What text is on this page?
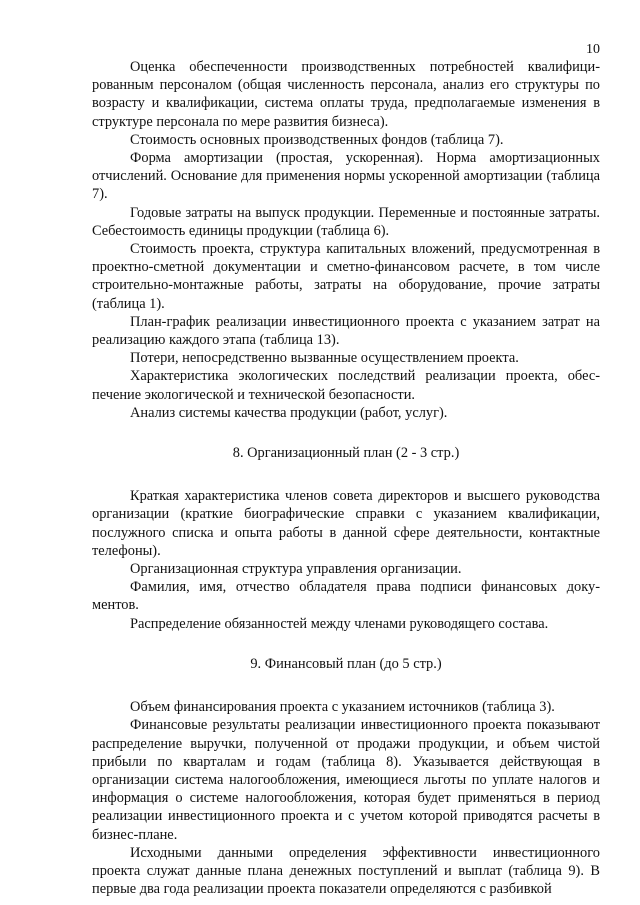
10

Оценка обеспеченности производственных потребностей квалифицированным персоналом (общая численность персонала, анализ его структуры по возрасту и квалификации, система оплаты труда, предполагаемые изменения в структуре персонала по мере развития бизнеса).

Стоимость основных производственных фондов (таблица 7).

Форма амортизации (простая, ускоренная). Норма амортизационных отчислений. Основание для применения нормы ускоренной амортизации (таблица 7).

Годовые затраты на выпуск продукции. Переменные и постоянные затраты. Себестоимость единицы продукции (таблица 6).

Стоимость проекта, структура капитальных вложений, предусмотренная в проектно-сметной документации и сметно-финансовом расчете, в том числе строительно-монтажные работы, затраты на оборудование, прочие затраты (таблица 1).

План-график реализации инвестиционного проекта с указанием затрат на реализацию каждого этапа (таблица 13).

Потери, непосредственно вызванные осуществлением проекта.

Характеристика экологических последствий реализации проекта, обеспечение экологической и технической безопасности.

Анализ системы качества продукции (работ, услуг).

8. Организационный план (2 - 3 стр.)

Краткая характеристика членов совета директоров и высшего руководства организации (краткие биографические справки с указанием квалификации, послужного списка и опыта работы в данной сфере деятельности, контактные телефоны).

Организационная структура управления организации.

Фамилия, имя, отчество обладателя права подписи финансовых документов.

Распределение обязанностей между членами руководящего состава.

9. Финансовый план (до 5 стр.)

Объем финансирования проекта с указанием источников (таблица 3).

Финансовые результаты реализации инвестиционного проекта показывают распределение выручки, полученной от продажи продукции, и объем чистой прибыли по кварталам и годам (таблица 8). Указывается действующая в организации система налогообложения, имеющиеся льготы по уплате налогов и информация о системе налогообложения, которая будет применяться в период реализации инвестиционного проекта и с учетом которой приводятся расчеты в бизнес-плане.

Исходными данными определения эффективности инвестиционного проекта служат данные плана денежных поступлений и выплат (таблица 9). В первые два года реализации проекта показатели определяются с разбивкой
